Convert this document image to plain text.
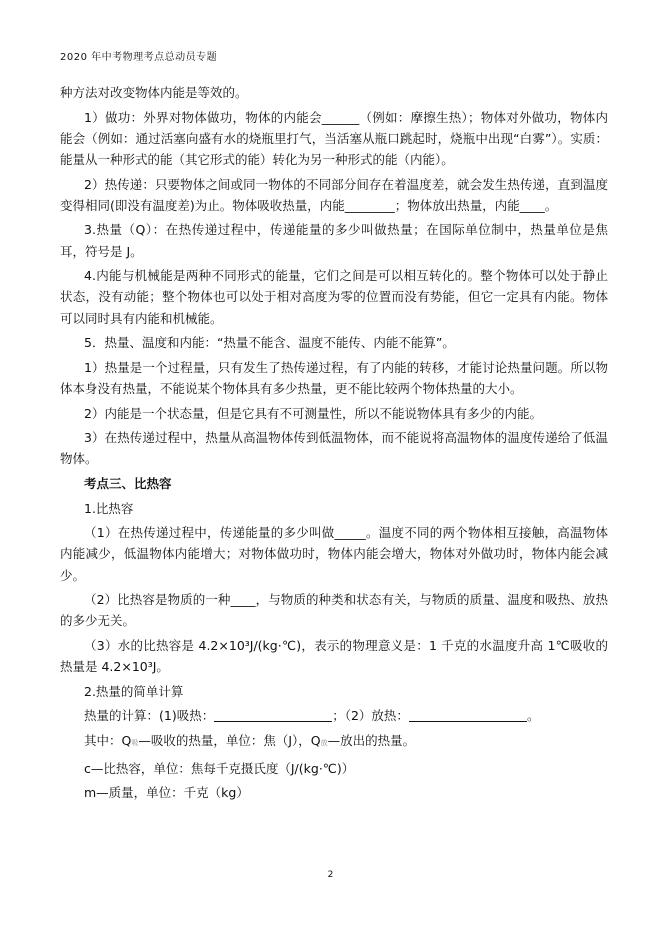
2020 年中考物理考点总动员专题

种方法对改变物体内能是等效的。

1）做功：外界对物体做功，物体的内能会______（例如：摩擦生热）；物体对外做功，物体内能会（例如：通过活塞向盛有水的烧瓶里打气，当活塞从瓶口跳起时，烧瓶中出现“白雾”）。实质：能量从一种形式的能（其它形式的能）转化为另一种形式的能（内能）。

2）热传递：只要物体之间或同一物体的不同部分间存在着温度差，就会发生热传递，直到温度变得相同(即没有温度差)为止。物体吸收热量，内能________；物体放出热量，内能____。

3.热量（Q）：在热传递过程中，传递能量的多少叫做热量；在国际单位制中，热量单位是焦耳，符号是 J。

4.内能与机械能是两种不同形式的能量，它们之间是可以相互转化的。整个物体可以处于静止状态，没有动能；整个物体也可以处于相对高度为零的位置而没有势能，但它一定具有内能。物体可以同时具有内能和机械能。

5．热量、温度和内能：“热量不能含、温度不能传、内能不能算”。

1）热量是一个过程量，只有发生了热传递过程，有了内能的转移，才能讨论热量问题。所以物体本身没有热量，不能说某个物体具有多少热量，更不能比较两个物体热量的大小。

2）内能是一个状态量，但是它具有不可测量性，所以不能说物体具有多少的内能。

3）在热传递过程中，热量从高温物体传到低温物体，而不能说将高温物体的温度传递给了低温物体。

考点三、比热容

1.比热容

（1）在热传递过程中，传递能量的多少叫做_____。温度不同的两个物体相互接触，高温物体内能减少，低温物体内能增大；对物体做功时，物体内能会增大，物体对外做功时，物体内能会减少。

（2）比热容是物质的一种____，与物质的种类和状态有关，与物质的质量、温度和吸热、放热的多少无关。

（3）水的比热容是 4.2×10³J/(kg·℃)，表示的物理意义是：1 千克的水温度升高 1℃吸收的热量是 4.2×10³J。

2.热量的简单计算

热量的计算：(1)吸热：	；（2）放热：	。

其中：Q吸—吸收的热量，单位：焦（J），Q放—放出的热量。

c—比热容，单位：焦每千克摄氏度（J/(kg·℃)）

m—质量，单位：千克（kg）

2
